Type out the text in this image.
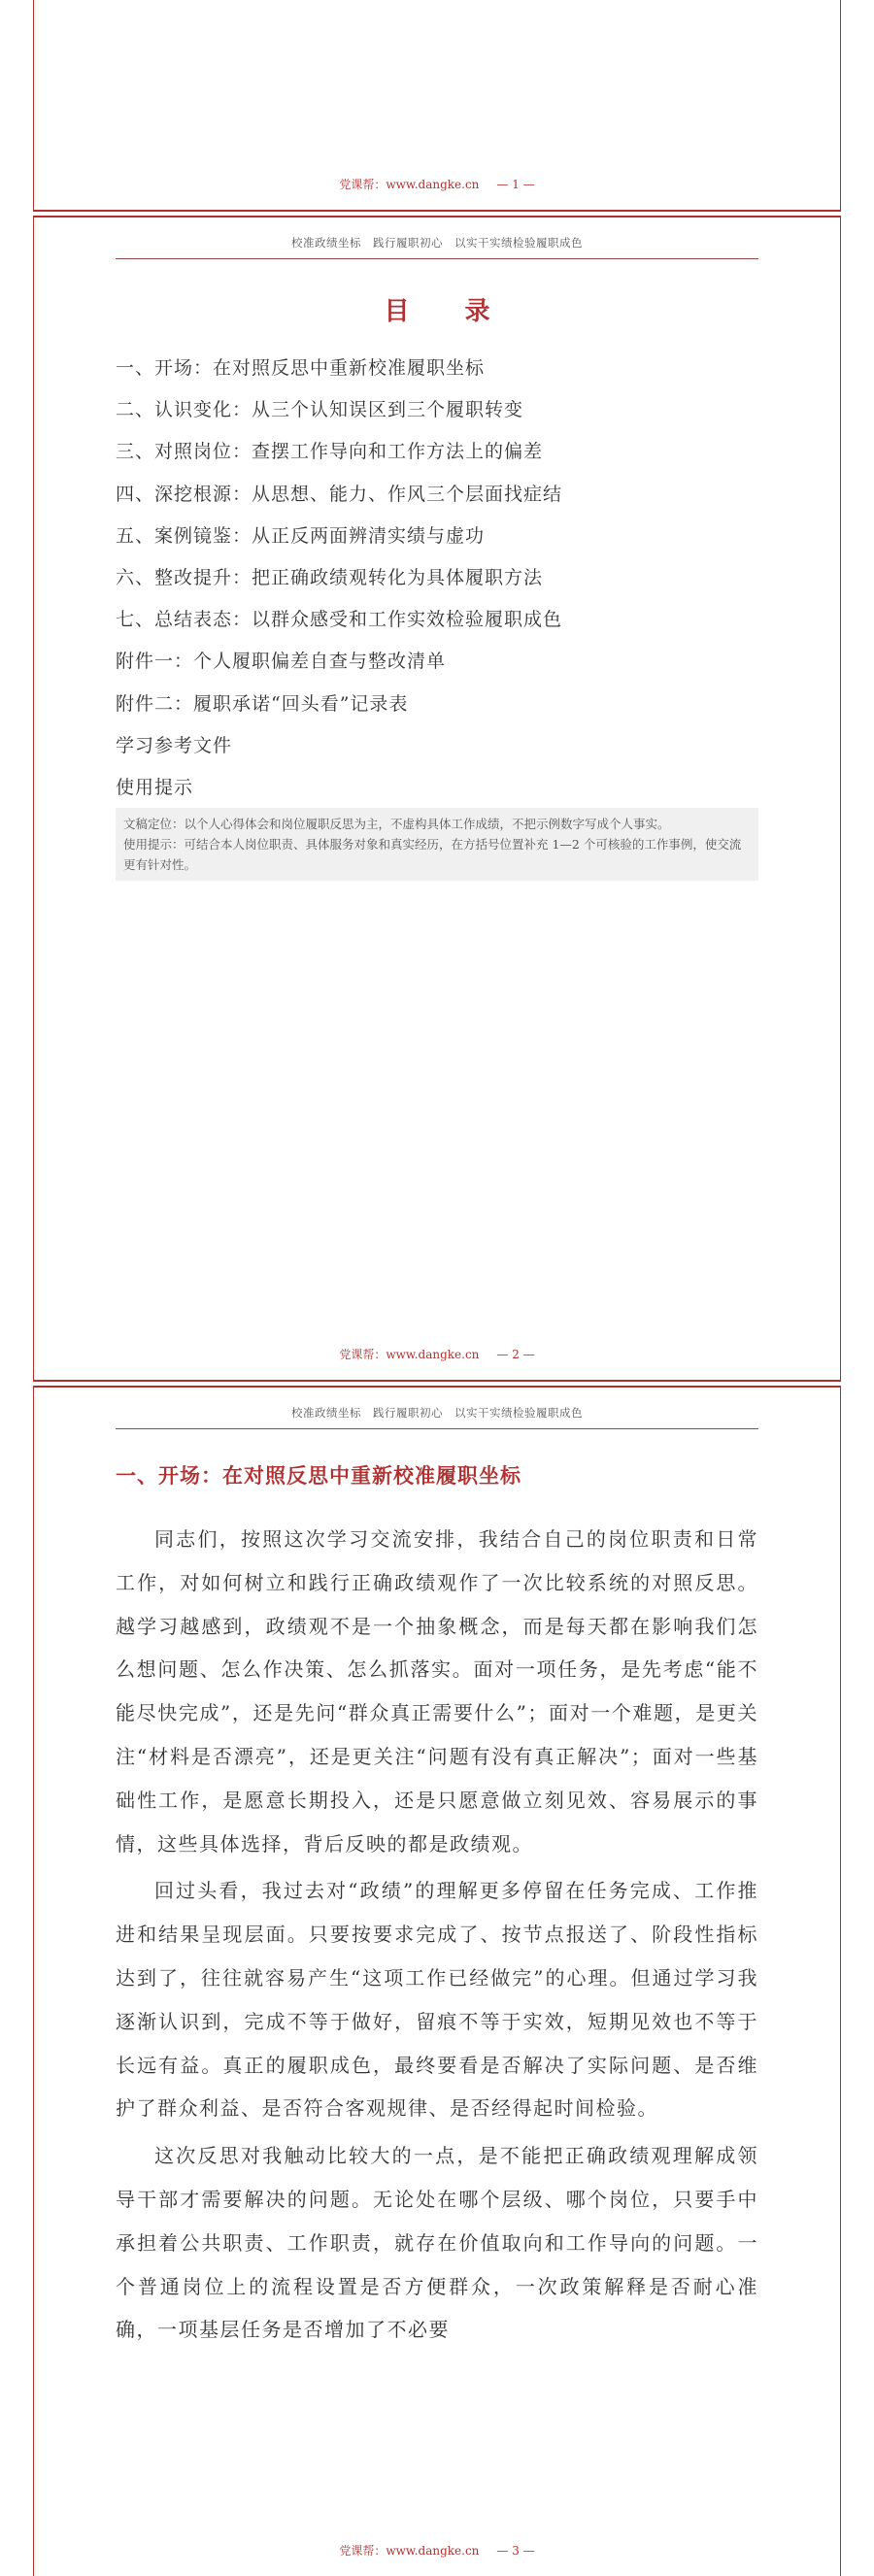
党课帮：www.dangke.cn — 1 —
校准政绩坐标 践行履职初心 以实干实绩检验履职成色
目 录
一、开场：在对照反思中重新校准履职坐标
二、认识变化：从三个认知误区到三个履职转变
三、对照岗位：查摆工作导向和工作方法上的偏差
四、深挖根源：从思想、能力、作风三个层面找症结
五、案例镜鉴：从正反两面辨清实绩与虚功
六、整改提升：把正确政绩观转化为具体履职方法
七、总结表态：以群众感受和工作实效检验履职成色
附件一：个人履职偏差自查与整改清单
附件二：履职承诺“回头看”记录表
学习参考文件
使用提示

文稿定位：以个人心得体会和岗位履职反思为主，不虚构具体工作成绩，不把示例数字写成个人事实。

使用提示：可结合本人岗位职责、具体服务对象和真实经历，在方括号位置补充 1—2 个可核验的工作事例，使交流更有针对性。

党课帮：www.dangke.cn — 2 —
校准政绩坐标 践行履职初心 以实干实绩检验履职成色
一、开场：在对照反思中重新校准履职坐标

同志们，按照这次学习交流安排，我结合自己的岗位职责和日常工作，对如何树立和践行正确政绩观作了一次比较系统的对照反思。越学习越感到，政绩观不是一个抽象概念，而是每天都在影响我们怎么想问题、怎么作决策、怎么抓落实。面对一项任务，是先考虑“能不能尽快完成”，还是先问“群众真正需要什么”；面对一个难题，是更关注“材料是否漂亮”，还是更关注“问题有没有真正解决”；面对一些基础性工作，是愿意长期投入，还是只愿意做立刻见效、容易展示的事情，这些具体选择，背后反映的都是政绩观。

回过头看，我过去对“政绩”的理解更多停留在任务完成、工作推进和结果呈现层面。只要按要求完成了、按节点报送了、阶段性指标达到了，往往就容易产生“这项工作已经做完”的心理。但通过学习我逐渐认识到，完成不等于做好，留痕不等于实效，短期见效也不等于长远有益。真正的履职成色，最终要看是否解决了实际问题、是否维护了群众利益、是否符合客观规律、是否经得起时间检验。

这次反思对我触动比较大的一点，是不能把正确政绩观理解成领导干部才需要解决的问题。无论处在哪个层级、哪个岗位，只要手中承担着公共职责、工作职责，就存在价值取向和工作导向的问题。一个普通岗位上的流程设置是否方便群众，一次政策解释是否耐心准确，一项基层任务是否增加了不必要

党课帮：www.dangke.cn — 3 —
